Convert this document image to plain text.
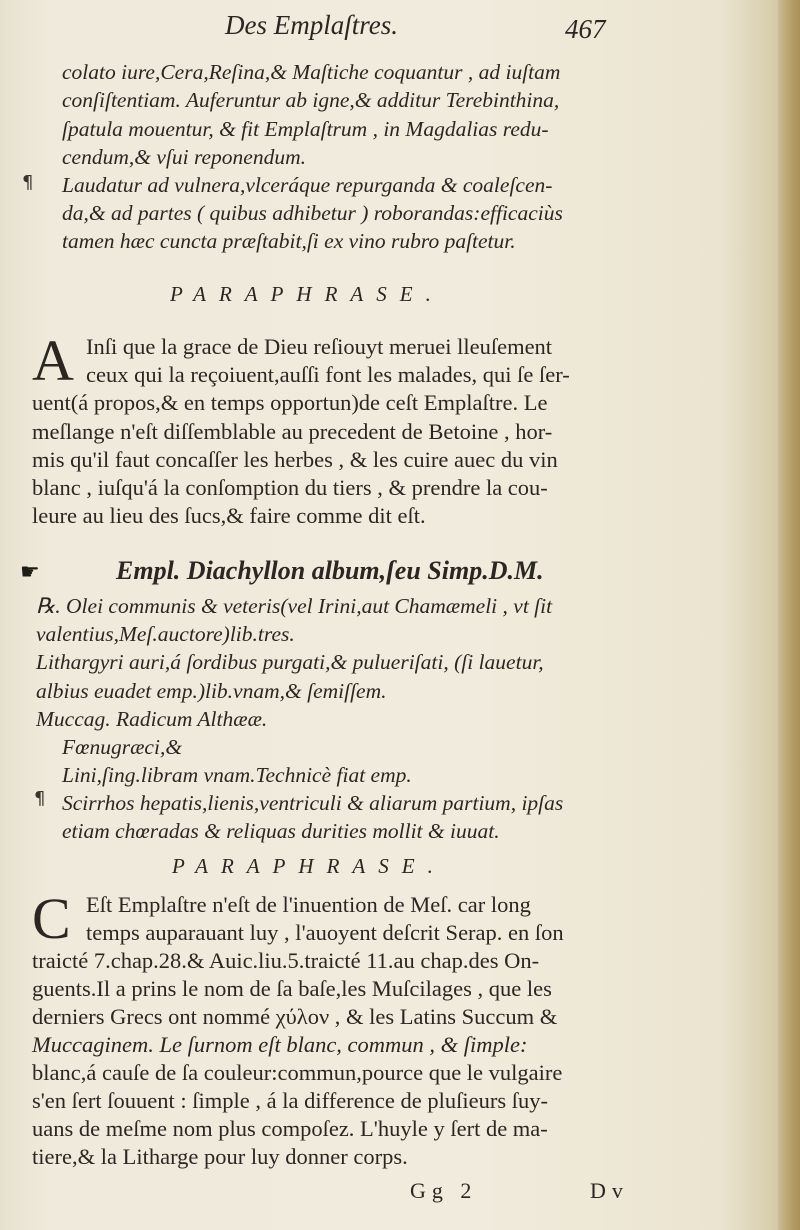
Des Emplaſtres.	467
colato iure,Cera,Reſina,& Maſtiche coquantur , ad iuſtam
conſiſtentiam. Auferuntur ab igne,& additur Terebinthina,
ſpatula mouentur, & fit Emplaſtrum , in Magdalias redu-
cendum,& vſui reponendum.
¶ Laudatur ad vulnera,vlceráque repurganda & coaleſcen-
da,& ad partes ( quibus adhibetur ) roborandas:efficaciùs
tamen hæc cuncta præſtabit,ſi ex vino rubro paſtetur.
PARAPHRASE.
A Inſi que la grace de Dieu reſiouyt meruei lleuſement
ceux qui la reçoiuent,auſſi font les malades, qui ſe ſer-
uent(á propos,& en temps opportun)de ceſt Emplaſtre. Le
meſlange n'eſt diſſemblable au precedent de Betoine , hor-
mis qu'il faut concaſſer les herbes , & les cuire auec du vin
blanc , iuſqu'á la conſomption du tiers , & prendre la cou-
leure au lieu des ſucs,& faire comme dit eſt.
☛	Empl. Diachyllon album,ſeu Simp.D.M.
℞. Olei communis & veteris(vel Irini,aut Chamæmeli , vt ſit
valentius,Meſ.auctore)lib.tres.
Lithargyri auri,á ſordibus purgati,& pulueriſati, (ſi lauetur,
albius euadet emp.)lib.vnam,& ſemiſſem.
Muccag. Radicum Althææ.
Fœnugræci,&
Lini,ſing.libram vnam.Technicè fiat emp.
¶ Scirrhos hepatis,lienis,ventriculi & aliarum partium, ipſas
etiam chœradas & reliquas durities mollit & iuuat.
PARAPHRASE.
C Eſt Emplaſtre n'eſt de l'inuention de Meſ. car long
temps auparauant luy , l'auoyent deſcrit Serap. en ſon
traicté 7.chap.28.& Auic.liu.5.traicté 11.au chap.des On-
guents.Il a prins le nom de ſa baſe,les Muſcilages , que les
derniers Grecs ont nommé χύλον , & les Latins Succum &
Muccaginem. Le ſurnom eſt blanc, commun , & ſimple:
blanc,á cauſe de ſa couleur:commun,pource que le vulgaire
s'en ſert ſouuent : ſimple , á la difference de pluſieurs ſuy-
uans de meſme nom plus compoſez. L'huyle y ſert de ma-
tiere,& la Litharge pour luy donner corps.
Gg 2	Dv
